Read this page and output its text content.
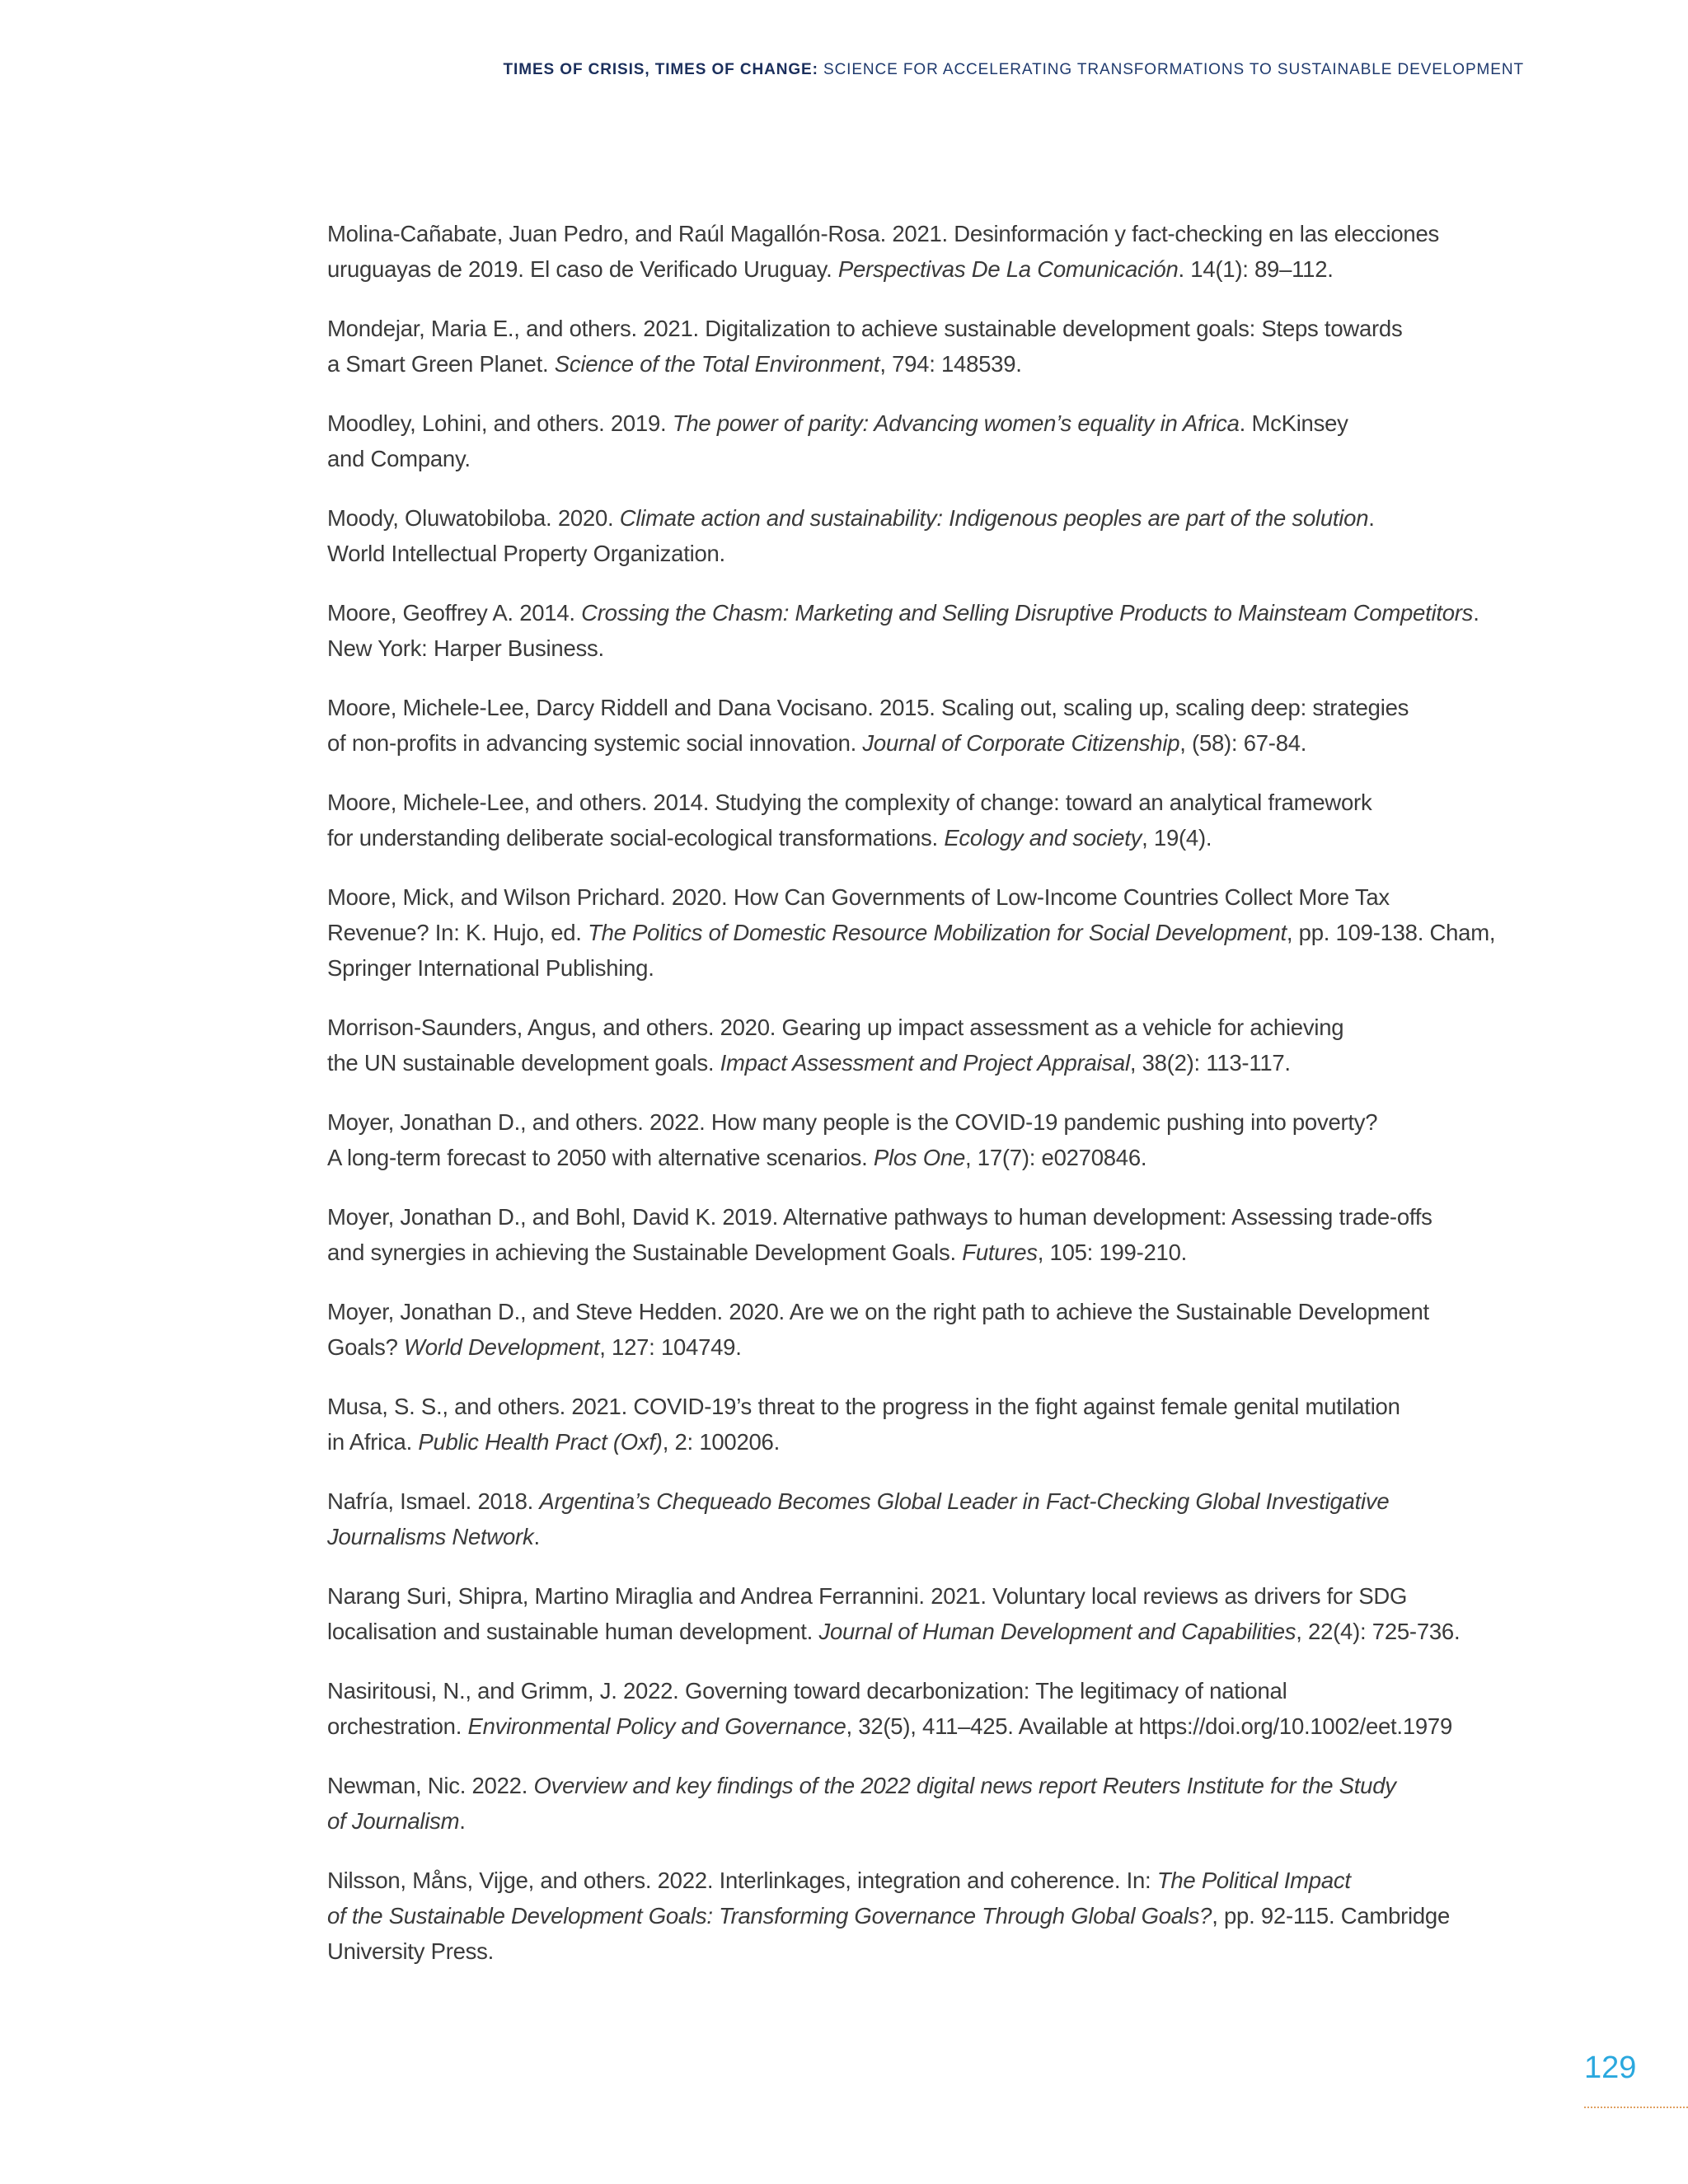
TIMES OF CRISIS, TIMES OF CHANGE: SCIENCE FOR ACCELERATING TRANSFORMATIONS TO SUSTAINABLE DEVELOPMENT
Molina-Cañabate, Juan Pedro, and Raúl Magallón-Rosa. 2021. Desinformación y fact-checking en las elecciones
uruguayas de 2019. El caso de Verificado Uruguay. Perspectivas De La Comunicación. 14(1): 89–112.
Mondejar, Maria E., and others. 2021. Digitalization to achieve sustainable development goals: Steps towards
a Smart Green Planet. Science of the Total Environment, 794: 148539.
Moodley, Lohini, and others. 2019. The power of parity: Advancing women’s equality in Africa. McKinsey
and Company.
Moody, Oluwatobiloba. 2020. Climate action and sustainability: Indigenous peoples are part of the solution.
World Intellectual Property Organization.
Moore, Geoffrey A. 2014. Crossing the Chasm: Marketing and Selling Disruptive Products to Mainsteam Competitors.
New York: Harper Business.
Moore, Michele-Lee, Darcy Riddell and Dana Vocisano. 2015. Scaling out, scaling up, scaling deep: strategies
of non-profits in advancing systemic social innovation. Journal of Corporate Citizenship, (58): 67-84.
Moore, Michele-Lee, and others. 2014. Studying the complexity of change: toward an analytical framework
for understanding deliberate social-ecological transformations. Ecology and society, 19(4).
Moore, Mick, and Wilson Prichard. 2020. How Can Governments of Low-Income Countries Collect More Tax
Revenue? In: K. Hujo, ed. The Politics of Domestic Resource Mobilization for Social Development, pp. 109-138. Cham,
Springer International Publishing.
Morrison-Saunders, Angus, and others. 2020. Gearing up impact assessment as a vehicle for achieving
the UN sustainable development goals. Impact Assessment and Project Appraisal, 38(2): 113-117.
Moyer, Jonathan D., and others. 2022. How many people is the COVID-19 pandemic pushing into poverty?
A long-term forecast to 2050 with alternative scenarios. Plos One, 17(7): e0270846.
Moyer, Jonathan D., and Bohl, David K. 2019. Alternative pathways to human development: Assessing trade-offs
and synergies in achieving the Sustainable Development Goals. Futures, 105: 199-210.
Moyer, Jonathan D., and Steve Hedden. 2020. Are we on the right path to achieve the Sustainable Development
Goals? World Development, 127: 104749.
Musa, S. S., and others. 2021. COVID-19’s threat to the progress in the fight against female genital mutilation
in Africa. Public Health Pract (Oxf), 2: 100206.
Nafría, Ismael. 2018. Argentina’s Chequeado Becomes Global Leader in Fact-Checking Global Investigative
Journalisms Network.
Narang Suri, Shipra, Martino Miraglia and Andrea Ferrannini. 2021. Voluntary local reviews as drivers for SDG
localisation and sustainable human development. Journal of Human Development and Capabilities, 22(4): 725-736.
Nasiritousi, N., and Grimm, J. 2022. Governing toward decarbonization: The legitimacy of national
orchestration. Environmental Policy and Governance, 32(5), 411–425. Available at https://doi.org/10.1002/eet.1979
Newman, Nic. 2022. Overview and key findings of the 2022 digital news report Reuters Institute for the Study
of Journalism.
Nilsson, Måns, Vijge, and others. 2022. Interlinkages, integration and coherence. In: The Political Impact
of the Sustainable Development Goals: Transforming Governance Through Global Goals?, pp. 92-115. Cambridge
University Press.
129
